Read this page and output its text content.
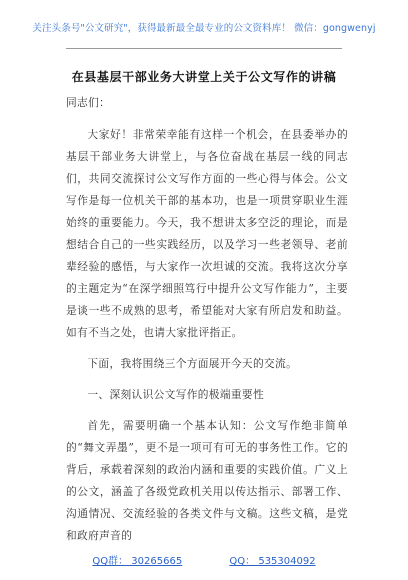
关注头条号"公文研究"，获得最新最全最专业的公文资料库！ 微信：gongwenyj
在县基层干部业务大讲堂上关于公文写作的讲稿

同志们：

大家好！非常荣幸能有这样一个机会，在县委举办的基层干部业务大讲堂上，与各位奋战在基层一线的同志们，共同交流探讨公文写作方面的一些心得与体会。公文写作是每一位机关干部的基本功，也是一项贯穿职业生涯始终的重要能力。今天，我不想讲太多空泛的理论，而是想结合自己的一些实践经历，以及学习一些老领导、老前辈经验的感悟，与大家作一次坦诚的交流。我将这次分享的主题定为“在深学细照笃行中提升公文写作能力”，主要是谈一些不成熟的思考，希望能对大家有所启发和助益。如有不当之处，也请大家批评指正。

下面，我将围绕三个方面展开今天的交流。

一、深刻认识公文写作的极端重要性

首先，需要明确一个基本认知：公文写作绝非简单的“舞文弄墨”，更不是一项可有可无的事务性工作。它的背后，承载着深刻的政治内涵和重要的实践价值。广义上的公文，涵盖了各级党政机关用以传达指示、部署工作、沟通情况、交流经验的各类文件与文稿。这些文稿，是党和政府声音的

QQ群： 30265665	QQ： 535304092
